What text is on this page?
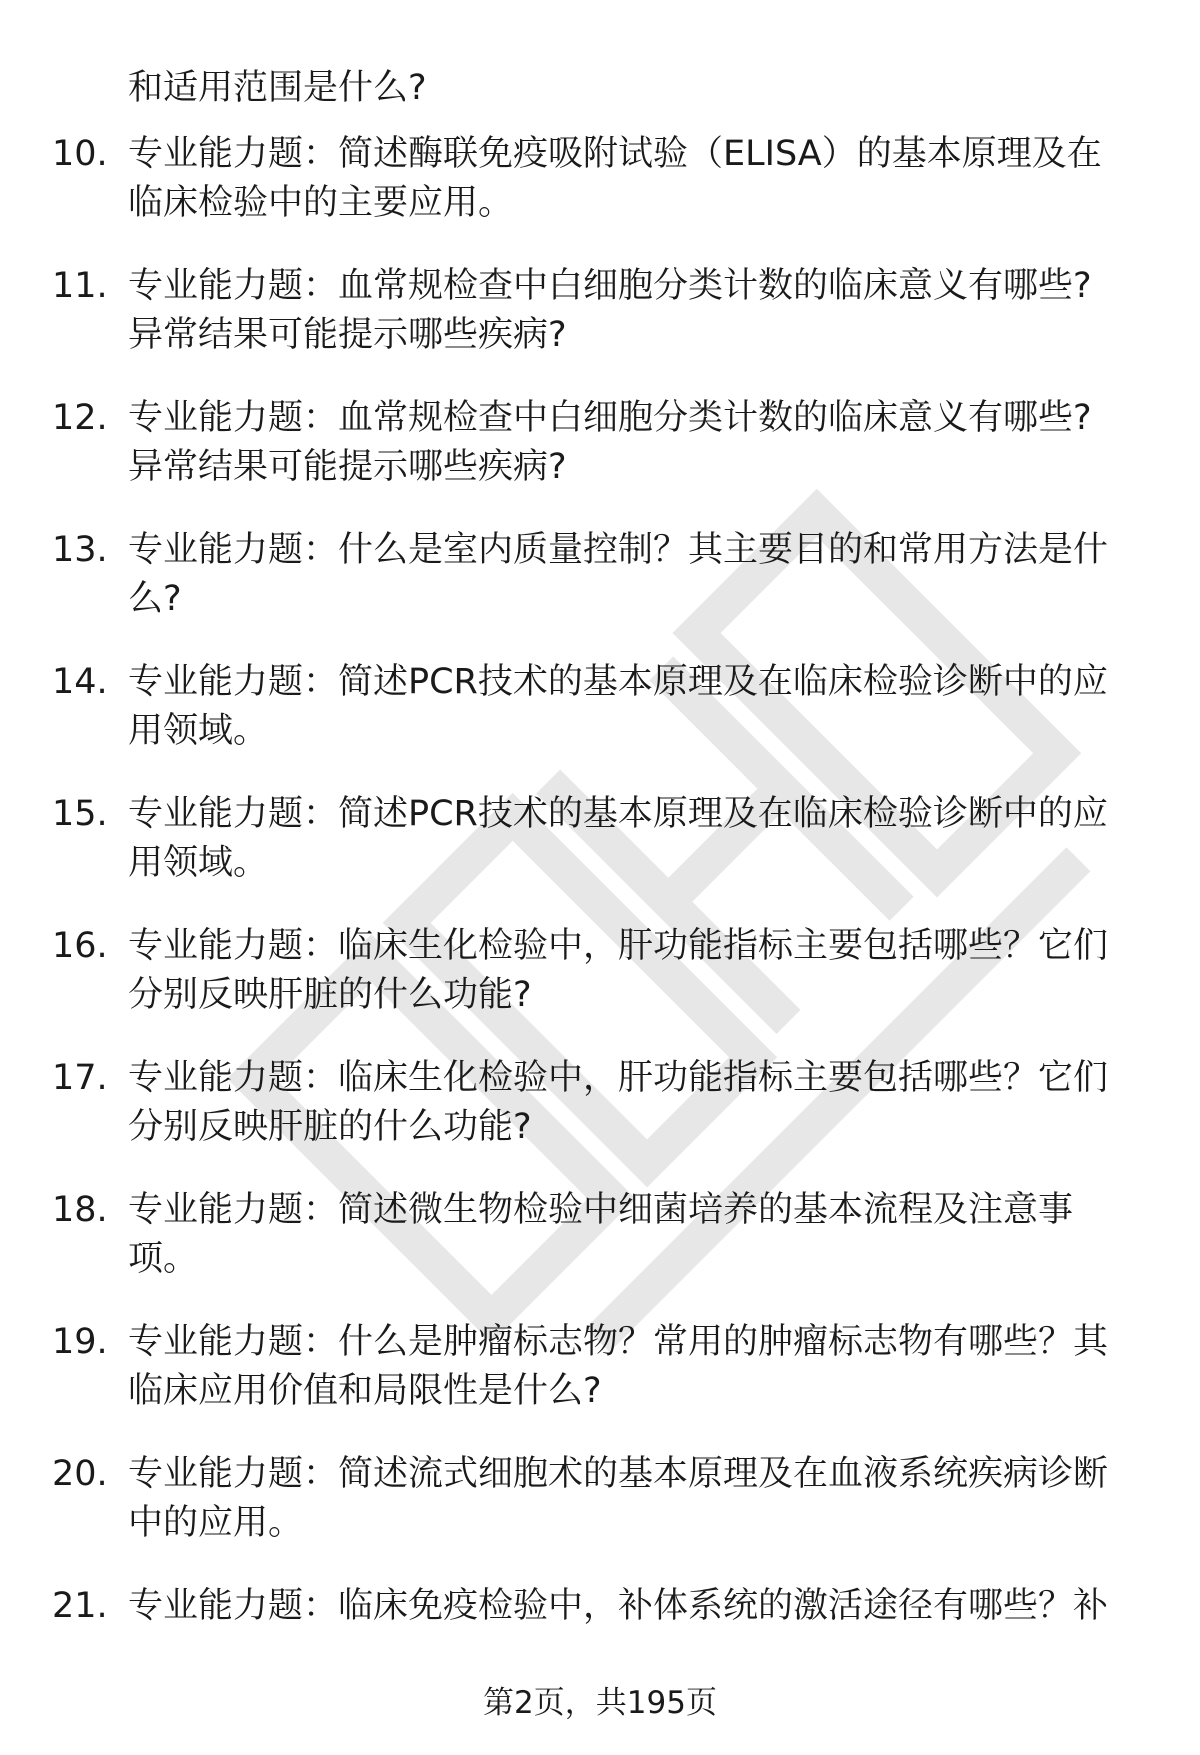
和适用范围是什么?
10. 专业能力题：简述酶联免疫吸附试验（ELISA）的基本原理及在
临床检验中的主要应用。
11. 专业能力题：血常规检查中白细胞分类计数的临床意义有哪些?
异常结果可能提示哪些疾病?
12. 专业能力题：血常规检查中白细胞分类计数的临床意义有哪些?
异常结果可能提示哪些疾病?
13. 专业能力题：什么是室内质量控制？其主要目的和常用方法是什
么?
14. 专业能力题：简述PCR技术的基本原理及在临床检验诊断中的应
用领域。
15. 专业能力题：简述PCR技术的基本原理及在临床检验诊断中的应
用领域。
16. 专业能力题：临床生化检验中，肝功能指标主要包括哪些？它们
分别反映肝脏的什么功能?
17. 专业能力题：临床生化检验中，肝功能指标主要包括哪些？它们
分别反映肝脏的什么功能?
18. 专业能力题：简述微生物检验中细菌培养的基本流程及注意事
项。
19. 专业能力题：什么是肿瘤标志物？常用的肿瘤标志物有哪些？其
临床应用价值和局限性是什么?
20. 专业能力题：简述流式细胞术的基本原理及在血液系统疾病诊断
中的应用。
21. 专业能力题：临床免疫检验中，补体系统的激活途径有哪些？补
第2页，共195页
